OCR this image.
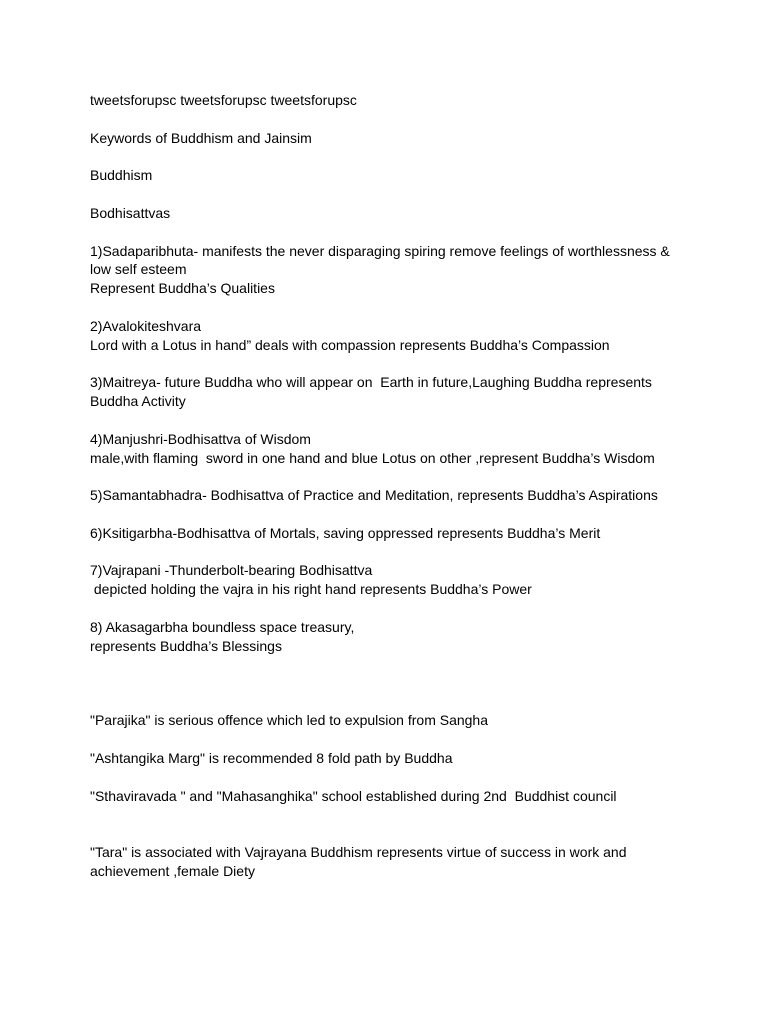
tweetsforupsc tweetsforupsc tweetsforupsc

Keywords of Buddhism and Jainsim

Buddhism

Bodhisattvas

1)Sadaparibhuta- manifests the never disparaging spiring remove feelings of worthlessness &

low self esteem

Represent Buddha’s Qualities

2)Avalokiteshvara

Lord with a Lotus in hand” deals with compassion represents Buddha’s Compassion

3)Maitreya- future Buddha who will appear on  Earth in future,Laughing Buddha represents

Buddha Activity

4)Manjushri-Bodhisattva of Wisdom

male,with flaming  sword in one hand and blue Lotus on other ,represent Buddha’s Wisdom

5)Samantabhadra- Bodhisattva of Practice and Meditation, represents Buddha’s Aspirations

6)Ksitigarbha-Bodhisattva of Mortals, saving oppressed represents Buddha’s Merit

7)Vajrapani -Thunderbolt-bearing Bodhisattva

depicted holding the vajra in his right hand represents Buddha’s Power

8) Akasagarbha boundless space treasury,

represents Buddha’s Blessings

"Parajika" is serious offence which led to expulsion from Sangha

"Ashtangika Marg" is recommended 8 fold path by Buddha

"Sthaviravada " and "Mahasanghika" school established during 2nd  Buddhist council

"Tara" is associated with Vajrayana Buddhism represents virtue of success in work and

achievement ,female Diety
